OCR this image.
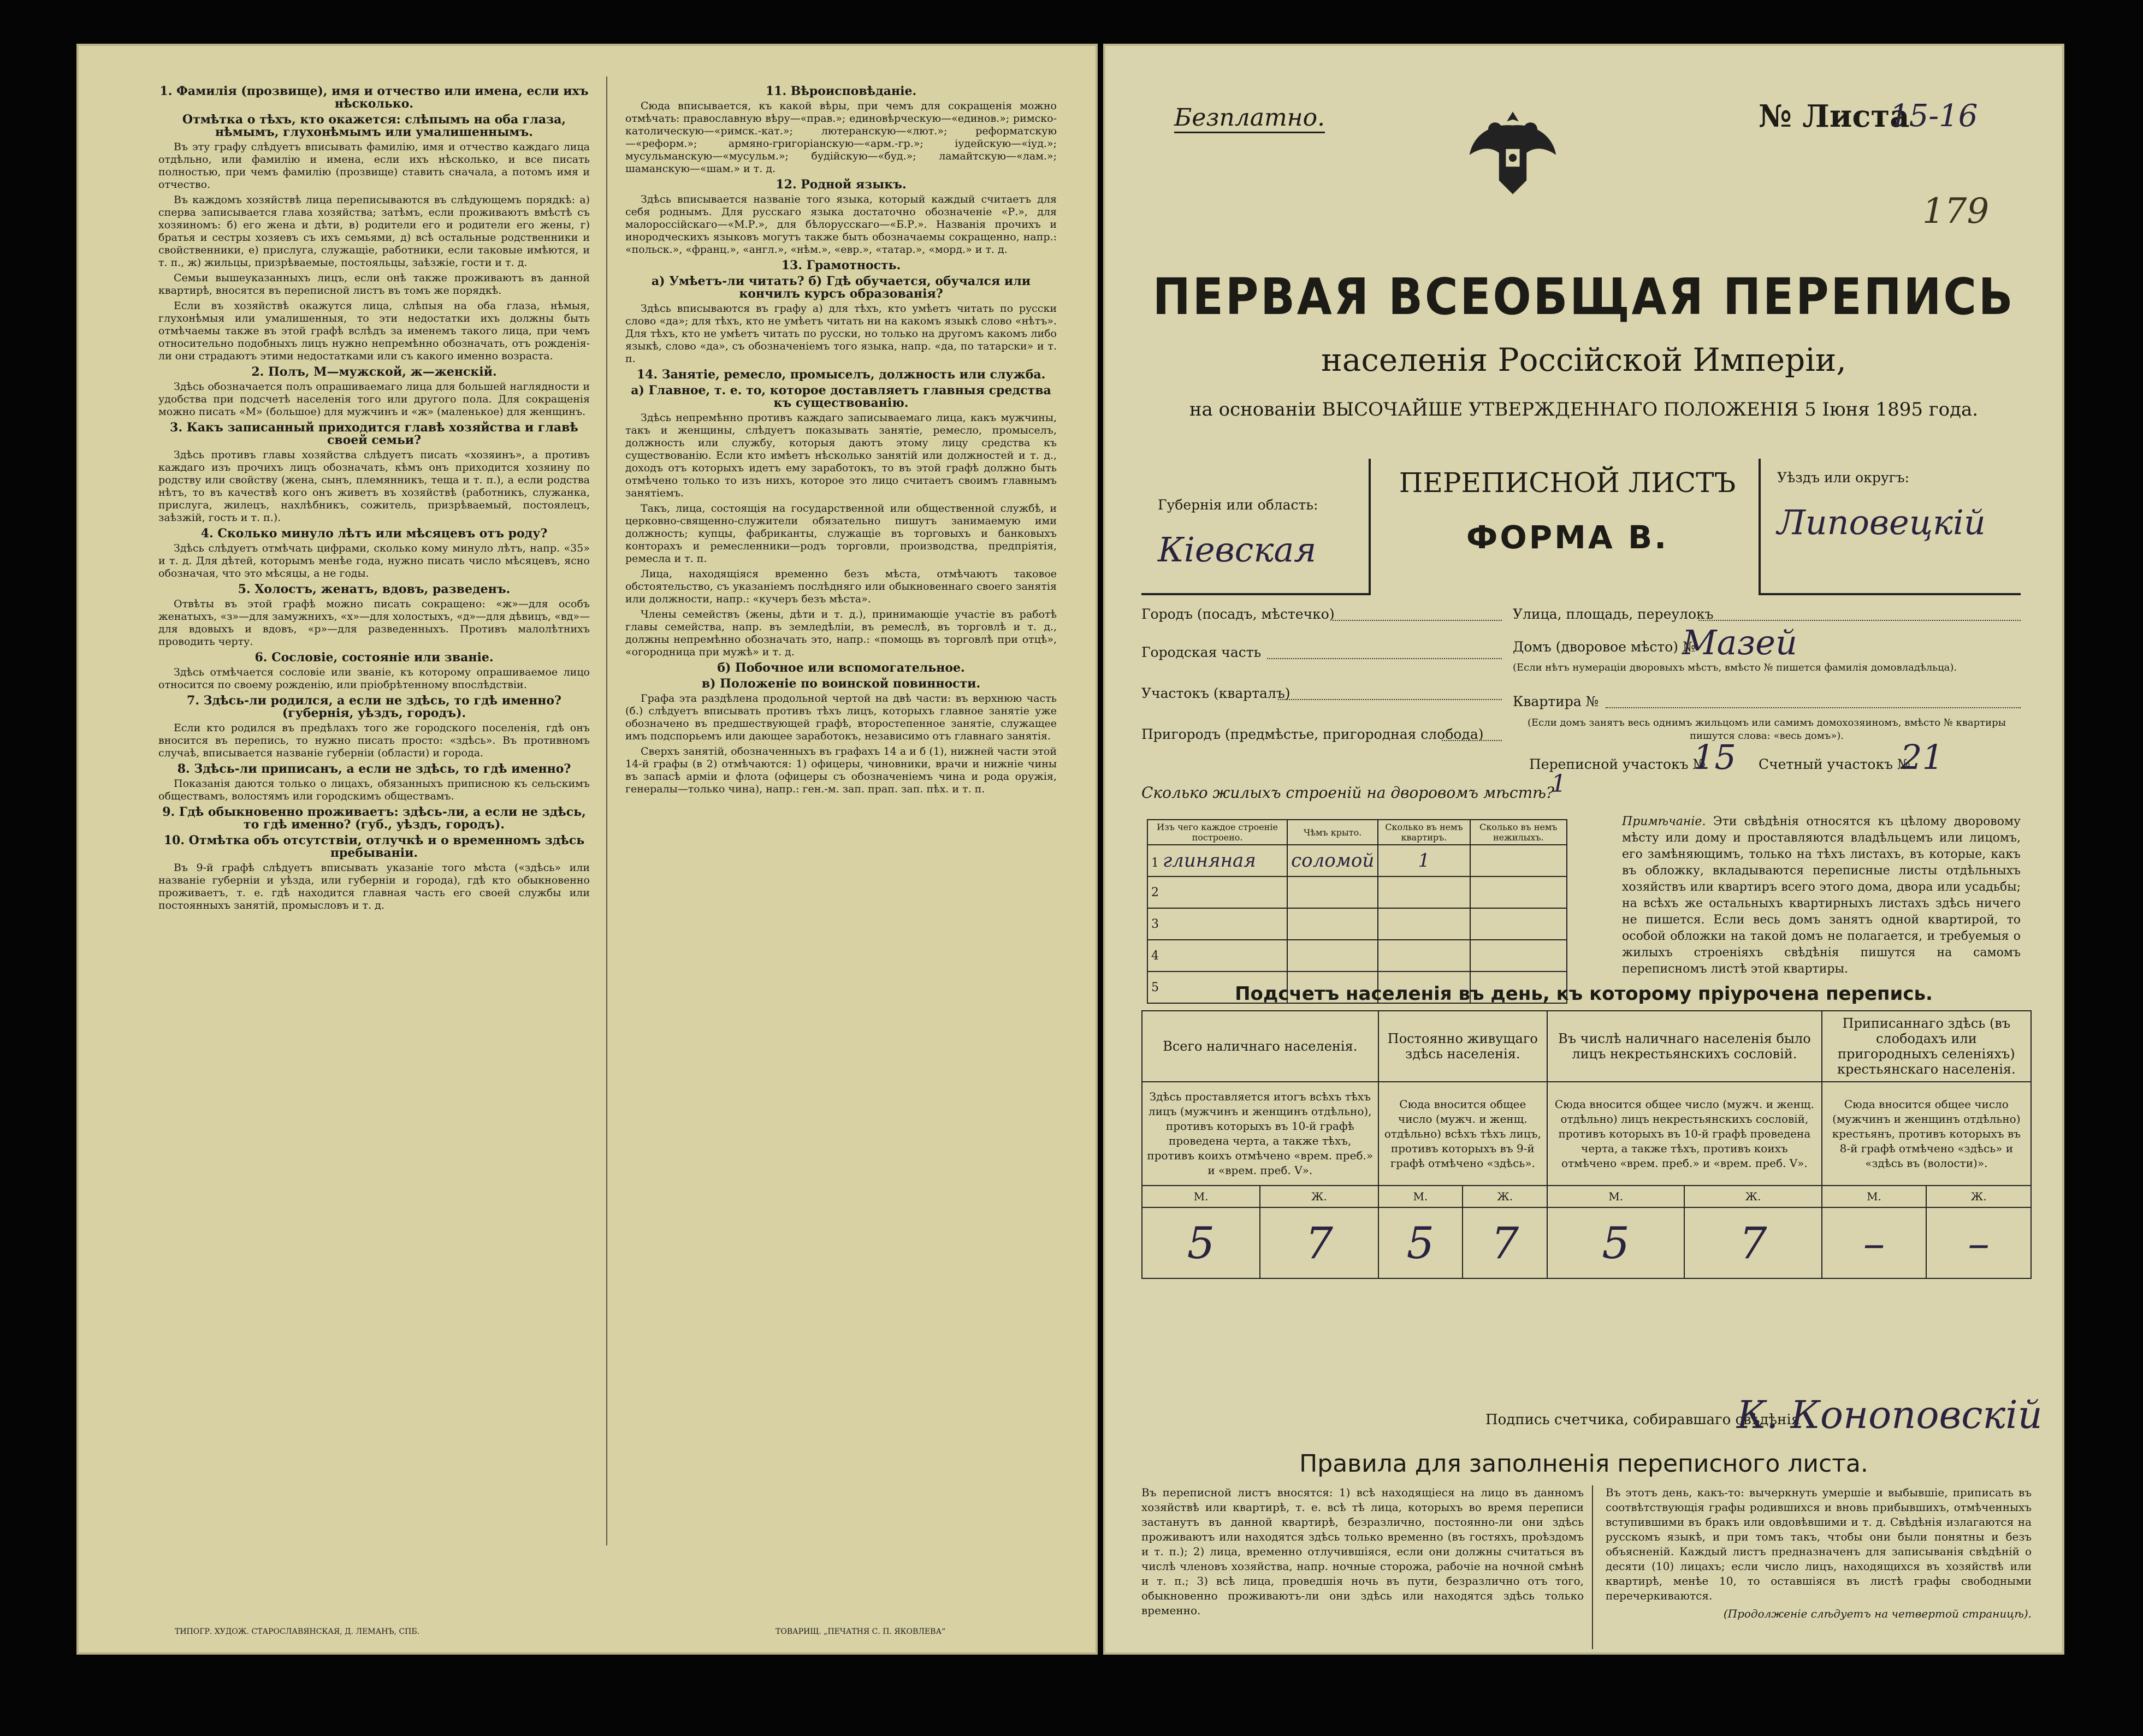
1. Фамилія (прозвище), имя и отчество или имена, если ихъ нѣсколько.
Отмѣтка о тѣхъ, кто окажется: слѣпымъ на оба глаза, нѣмымъ, глухонѣмымъ или умалишеннымъ.

Въ эту графу слѣдуетъ вписывать фамилію, имя и отчество каждаго лица отдѣльно, или фамилію и имена, если ихъ нѣсколько, и все писать полностью, при чемъ фамилію (прозвище) ставить сначала, а потомъ имя и отчество.

Въ каждомъ хозяйствѣ лица переписываются въ слѣдующемъ порядкѣ: а) сперва записывается глава хозяйства; затѣмъ, если проживаютъ вмѣстѣ съ хозяиномъ: б) его жена и дѣти, в) родители его и родители его жены, г) братья и сестры хозяевъ съ ихъ семьями, д) всѣ остальные родственники и свойственники, е) прислуга, служащіе, работники, если таковые имѣются, и т. п., ж) жильцы, призрѣваемые, постояльцы, заѣзжіе, гости и т. д.

Семьи вышеуказанныхъ лицъ, если онѣ также проживаютъ въ данной квартирѣ, вносятся въ переписной листъ въ томъ же порядкѣ.

Если въ хозяйствѣ окажутся лица, слѣпыя на оба глаза, нѣмыя, глухонѣмыя или умалишенныя, то эти недостатки ихъ должны быть отмѣчаемы также въ этой графѣ вслѣдъ за именемъ такого лица, при чемъ относительно подобныхъ лицъ нужно непремѣнно обозначать, отъ рожденія-ли они страдаютъ этими недостатками или съ какого именно возраста.

2. Полъ, М—мужской, ж—женскій.

Здѣсь обозначается полъ опрашиваемаго лица для большей наглядности и удобства при подсчетѣ населенія того или другого пола. Для сокращенія можно писать «М» (большое) для мужчинъ и «ж» (маленькое) для женщинъ.

3. Какъ записанный приходится главѣ хозяйства и главѣ своей семьи?

Здѣсь противъ главы хозяйства слѣдуетъ писать «хозяинъ», а противъ каждаго изъ прочихъ лицъ обозначать, кѣмъ онъ приходится хозяину по родству или свойству (жена, сынъ, племянникъ, теща и т. п.), а если родства нѣтъ, то въ качествѣ кого онъ живетъ въ хозяйствѣ (работникъ, служанка, прислуга, жилецъ, нахлѣбникъ, сожитель, призрѣваемый, постоялецъ, заѣзжій, гость и т. п.).

4. Сколько минуло лѣтъ или мѣсяцевъ отъ роду?

Здѣсь слѣдуетъ отмѣчать цифрами, сколько кому минуло лѣтъ, напр. «35» и т. д. Для дѣтей, которымъ менѣе года, нужно писать число мѣсяцевъ, ясно обозначая, что это мѣсяцы, а не годы.

5. Холостъ, женатъ, вдовъ, разведенъ.

Отвѣты въ этой графѣ можно писать сокращено: «ж»—для особъ женатыхъ, «з»—для замужнихъ, «х»—для холостыхъ, «д»—для дѣвицъ, «вд»—для вдовыхъ и вдовъ, «р»—для разведенныхъ. Противъ малолѣтнихъ проводить черту.

6. Сословіе, состояніе или званіе.

Здѣсь отмѣчается сословіе или званіе, къ которому опрашиваемое лицо относится по своему рожденію, или пріобрѣтенному впослѣдствіи.

7. Здѣсь-ли родился, а если не здѣсь, то гдѣ именно? (губернія, уѣздъ, городъ).

Если кто родился въ предѣлахъ того же городского поселенія, гдѣ онъ вносится въ перепись, то нужно писать просто: «здѣсь». Въ противномъ случаѣ, вписывается названіе губерніи (области) и города.

8. Здѣсь-ли приписанъ, а если не здѣсь, то гдѣ именно?

Показанія даются только о лицахъ, обязанныхъ приписною къ сельскимъ обществамъ, волостямъ или городскимъ обществамъ.

9. Гдѣ обыкновенно проживаетъ: здѣсь-ли, а если не здѣсь, то гдѣ именно? (губ., уѣздъ, городъ).
10. Отмѣтка объ отсутствіи, отлучкѣ и о временномъ здѣсь пребываніи.

Въ 9-й графѣ слѣдуетъ вписывать указаніе того мѣста («здѣсь» или названіе губерніи и уѣзда, или губерніи и города), гдѣ кто обыкновенно проживаетъ, т. е. гдѣ находится главная часть его своей службы или постоянныхъ занятій, промысловъ и т. д.

11. Вѣроисповѣданіе.

Сюда вписывается, къ какой вѣры, при чемъ для сокращенія можно отмѣчать: православную вѣру—«прав.»; единовѣрческую—«единов.»; римско-католическую—«римск.-кат.»; лютеранскую—«лют.»; реформатскую—«реформ.»; армяно-григоріанскую—«арм.-гр.»; іудейскую—«іуд.»; мусульманскую—«мусульм.»; будійскую—«буд.»; ламайтскую—«лам.»; шаманскую—«шам.» и т. д.

12. Родной языкъ.

Здѣсь вписывается названіе того языка, который каждый считаетъ для себя роднымъ. Для русскаго языка достаточно обозначеніе «Р.», для малороссійскаго—«М.Р.», для бѣлорусскаго—«Б.Р.». Названія прочихъ и инородческихъ языковъ могутъ также быть обозначаемы сокращенно, напр.: «польск.», «франц.», «англ.», «нѣм.», «евр.», «татар.», «морд.» и т. д.

13. Грамотность.
а) Умѣетъ-ли читать? б) Гдѣ обучается, обучался или кончилъ курсъ образованія?

Здѣсь вписываются въ графу а) для тѣхъ, кто умѣетъ читать по русски слово «да»; для тѣхъ, кто не умѣетъ читать ни на какомъ языкѣ слово «нѣтъ». Для тѣхъ, кто не умѣетъ читать по русски, но только на другомъ какомъ либо языкѣ, слово «да», съ обозначеніемъ того языка, напр. «да, по татарски» и т. п.

14. Занятіе, ремесло, промыселъ, должность или служба.
а) Главное, т. е. то, которое доставляетъ главныя средства къ существованію.

Здѣсь непремѣнно противъ каждаго записываемаго лица, какъ мужчины, такъ и женщины, слѣдуетъ показывать занятіе, ремесло, промыселъ, должность или службу, которыя даютъ этому лицу средства къ существованію. Если кто имѣетъ нѣсколько занятій или должностей и т. д., доходъ отъ которыхъ идетъ ему заработокъ, то въ этой графѣ должно быть отмѣчено только то изъ нихъ, которое это лицо считаетъ своимъ главнымъ занятіемъ.

Такъ, лица, состоящія на государственной или общественной службѣ, и церковно-священно-служители обязательно пишутъ занимаемую ими должность; купцы, фабриканты, служащіе въ торговыхъ и банковыхъ конторахъ и ремесленники—родъ торговли, производства, предпріятія, ремесла и т. п.

Лица, находящіяся временно безъ мѣста, отмѣчаютъ таковое обстоятельство, съ указаніемъ послѣдняго или обыкновеннаго своего занятія или должности, напр.: «кучеръ безъ мѣста».

Члены семействъ (жены, дѣти и т. д.), принимающіе участіе въ работѣ главы семейства, напр. въ земледѣліи, въ ремеслѣ, въ торговлѣ и т. д., должны непремѣнно обозначать это, напр.: «помощь въ торговлѣ при отцѣ», «огородница при мужѣ» и т. д.

б) Побочное или вспомогательное.
в) Положеніе по воинской повинности.

Графа эта раздѣлена продольной чертой на двѣ части: въ верхнюю часть (б.) слѣдуетъ вписывать противъ тѣхъ лицъ, которыхъ главное занятіе уже обозначено въ предшествующей графѣ, второстепенное занятіе, служащее имъ подспорьемъ или дающее заработокъ, независимо отъ главнаго занятія.

Сверхъ занятій, обозначенныхъ въ графахъ 14 а и б (1), нижней части этой 14-й графы (в 2) отмѣчаются: 1) офицеры, чиновники, врачи и нижніе чины въ запасѣ арміи и флота (офицеры съ обозначеніемъ чина и рода оружія, генералы—только чина), напр.: ген.-м. зап. прап. зап. пѣх. и т. п.

ТИПОГР. ХУДОЖ. СТАРОСЛАВЯНСКАЯ, Д. ЛЕМАНЪ, СПБ.	ТОВАРИЩ. „ПЕЧАТНЯ С. П. ЯКОВЛЕВА“
Безплатно.	№ Листа
15-16
179
ПЕРВАЯ ВСЕОБЩАЯ ПЕРЕПИСЬ
населенія Россійской Имперіи,
на основаніи ВЫСОЧАЙШЕ УТВЕРЖДЕННАГО ПОЛОЖЕНІЯ 5 Іюня 1895 года.
Губернія или область:
Кіевская
ПЕРЕПИСНОЙ ЛИСТЪ
ФОРМА В.
Уѣздъ или округъ:
Липовецкій
Городъ (посадъ, мѣстечко)
Городская часть
Участокъ (кварталъ)
Пригородъ (предмѣстье, пригородная слобода)
Улица, площадь, переулокъ
Домъ (дворовое мѣсто) №
Мазей
(Если нѣтъ нумераціи дворовыхъ мѣстъ, вмѣсто № пишется фамилія домовладѣльца).
Квартира №
(Если домъ занятъ весь однимъ жильцомъ или самимъ домохозяиномъ, вмѣсто № квартиры пишутся слова: «весь домъ»).
Переписной участокъ №
15 Счетный участокъ №
21
Сколько жилыхъ строеній на дворовомъ мѣстѣ?
1
Изъ чего каждое строеніе построено.	Чѣмъ крыто.	Сколько въ немъ квартиръ.	Сколько въ немъ нежилыхъ.
1 глиняная	соломой	1	
2			
3			
4			
5			
Примѣчаніе. Эти свѣдѣнія относятся къ цѣлому дворовому мѣсту или дому и проставляются владѣльцемъ или лицомъ, его замѣняющимъ, только на тѣхъ листахъ, въ которые, какъ въ обложку, вкладываются переписные листы отдѣльныхъ хозяйствъ или квартиръ всего этого дома, двора или усадьбы; на всѣхъ же остальныхъ квартирныхъ листахъ здѣсь ничего не пишется. Если весь домъ занятъ одной квартирой, то особой обложки на такой домъ не полагается, и требуемыя о жилыхъ строеніяхъ свѣдѣнія пишутся на самомъ переписномъ листѣ этой квартиры.
Подсчетъ населенія въ день, къ которому пріурочена перепись.
Всего наличнаго населенія.		Постоянно живущаго здѣсь населенія.		Въ числѣ наличнаго населенія было лицъ некрестьянскихъ сословій.		Приписаннаго здѣсь (въ слободахъ или пригородныхъ селеніяхъ) крестьянскаго населенія.	
Здѣсь проставляется итогъ всѣхъ тѣхъ лицъ (мужчинъ и женщинъ отдѣльно), противъ которыхъ въ 10-й графѣ проведена черта, а также тѣхъ, противъ коихъ отмѣчено «врем. преб.» и «врем. преб. V».		Сюда вносится общее число (мужч. и женщ. отдѣльно) всѣхъ тѣхъ лицъ, противъ которыхъ въ 9-й графѣ отмѣчено «здѣсь».		Сюда вносится общее число (мужч. и женщ. отдѣльно) лицъ некрестьянскихъ сословій, противъ которыхъ въ 10-й графѣ проведена черта, а также тѣхъ, противъ коихъ отмѣчено «врем. преб.» и «врем. преб. V».		Сюда вносится общее число (мужчинъ и женщинъ отдѣльно) крестьянъ, противъ которыхъ въ 8-й графѣ отмѣчено «здѣсь» и «здѣсь въ (волости)».	
М.	Ж.	М.	Ж.	М.	Ж.	М.	Ж.
5	7	5	7	5	7	–	–
Подпись счетчика, собиравшаго свѣдѣнія
К. Коноповскій
Правила для заполненія переписного листа.
Въ переписной листъ вносятся: 1) всѣ находящіеся на лицо въ данномъ хозяйствѣ или квартирѣ, т. е. всѣ тѣ лица, которыхъ во время переписи застанутъ въ данной квартирѣ, безразлично, постоянно-ли они здѣсь проживаютъ или находятся здѣсь только временно (въ гостяхъ, проѣздомъ и т. п.); 2) лица, временно отлучившіяся, если они должны считаться въ числѣ членовъ хозяйства, напр. ночные сторожа, рабочіе на ночной смѣнѣ и т. п.; 3) всѣ лица, проведшія ночь въ пути, безразлично отъ того, обыкновенно проживаютъ-ли они здѣсь или находятся здѣсь только временно.
Въ этотъ день, какъ-то: вычеркнуть умершіе и выбывшіе, приписать въ соотвѣтствующія графы родившихся и вновь прибывшихъ, отмѣченныхъ вступившими въ бракъ или овдовѣвшими и т. д. Свѣдѣнія излагаются на русскомъ языкѣ, и при томъ такъ, чтобы они были понятны и безъ объясненій. Каждый листъ предназначенъ для записыванія свѣдѣній о десяти (10) лицахъ; если число лицъ, находящихся въ хозяйствѣ или квартирѣ, менѣе 10, то оставшіяся въ листѣ графы свободными перечеркиваются.
(Продолженіе слѣдуетъ на четвертой страницѣ).
